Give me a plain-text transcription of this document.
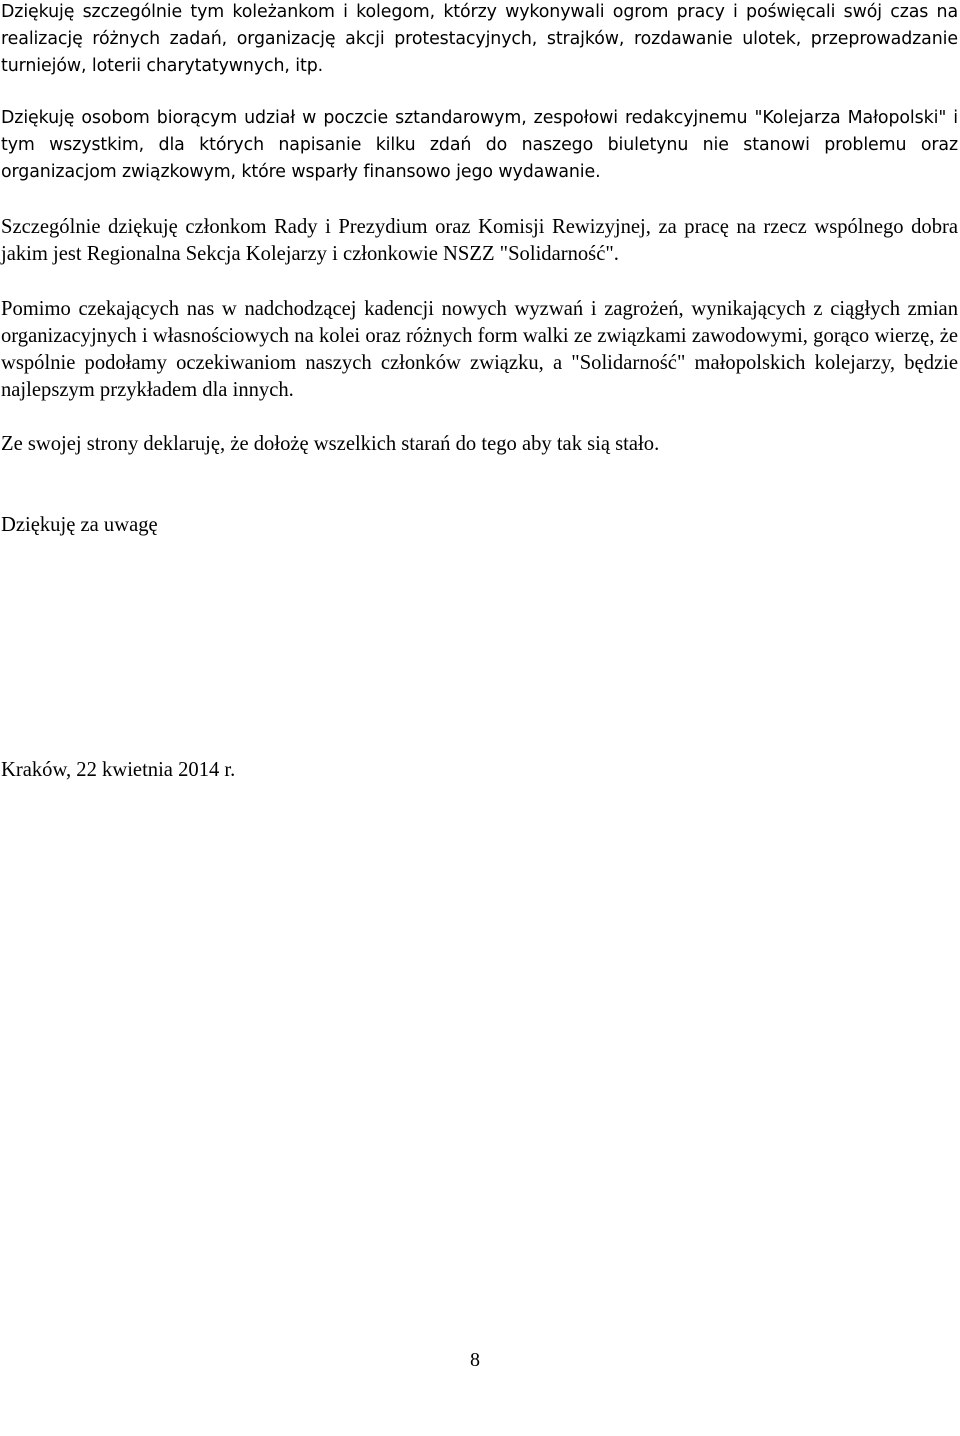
Dziękuję szczególnie tym koleżankom i kolegom, którzy wykonywali ogrom pracy i poświęcali swój czas na realizację różnych zadań, organizację akcji protestacyjnych, strajków, rozdawanie ulotek, przeprowadzanie turniejów, loterii charytatywnych, itp.

Dziękuję osobom biorącym udział w poczcie sztandarowym, zespołowi redakcyjnemu "Kolejarza Małopolski" i tym wszystkim, dla których napisanie kilku zdań do naszego biuletynu nie stanowi problemu oraz organizacjom związkowym, które wsparły finansowo jego wydawanie.

Szczególnie dziękuję członkom Rady i Prezydium oraz Komisji Rewizyjnej, za pracę na rzecz wspólnego dobra jakim jest Regionalna Sekcja Kolejarzy i członkowie NSZZ "Solidarność".

Pomimo czekających nas w nadchodzącej kadencji nowych wyzwań i zagrożeń, wynikających z ciągłych zmian organizacyjnych i własnościowych na kolei oraz różnych form walki ze związkami zawodowymi, gorąco wierzę, że wspólnie podołamy oczekiwaniom naszych członków związku, a "Solidarność" małopolskich kolejarzy, będzie najlepszym przykładem dla innych.

Ze swojej strony deklaruję, że dołożę wszelkich starań do tego aby tak sią stało.

Dziękuję za uwagę

Kraków, 22 kwietnia 2014 r.

8
